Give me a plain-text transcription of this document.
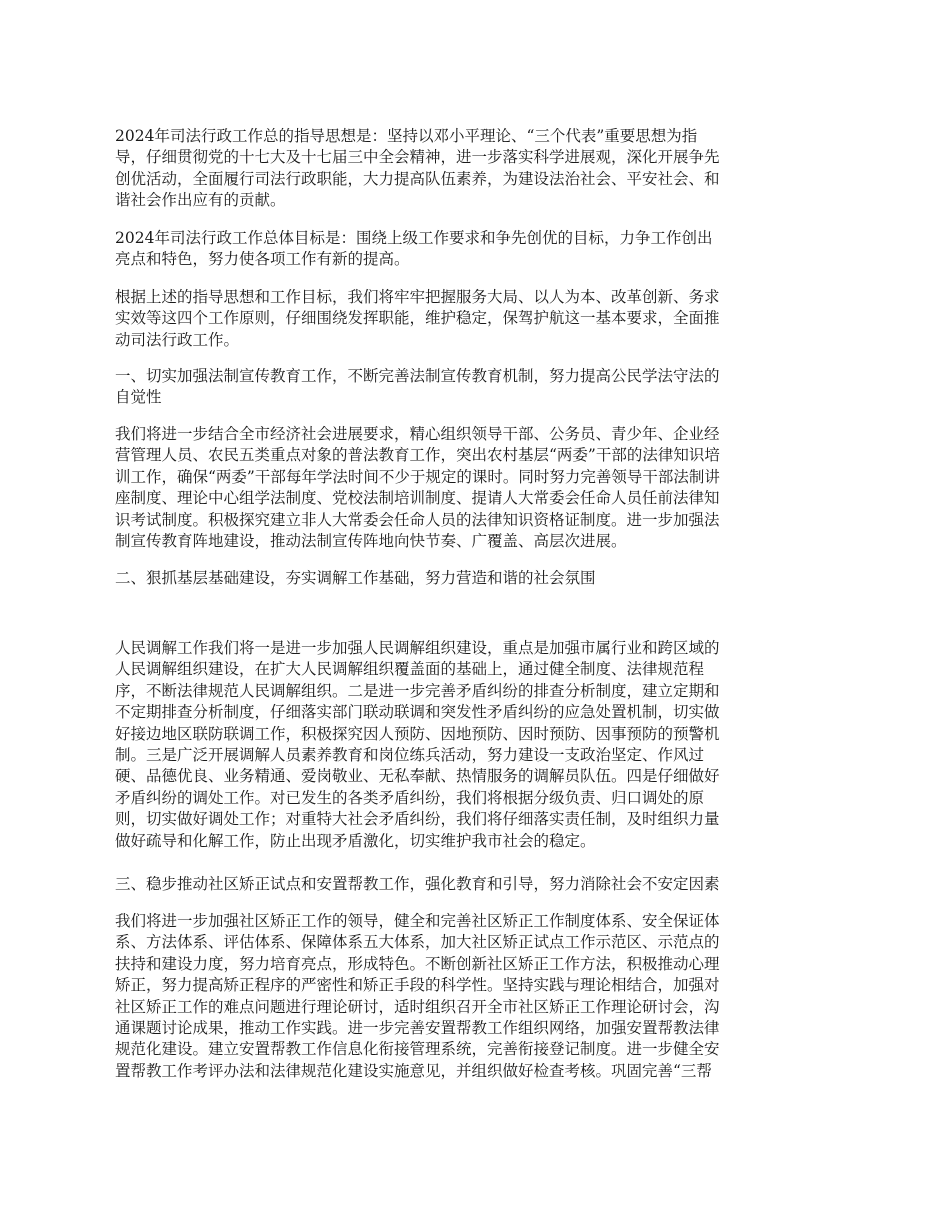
2024年司法行政工作总的指导思想是：坚持以邓小平理论、“三个代表”重要思想为指
导，仔细贯彻党的十七大及十七届三中全会精神，进一步落实科学进展观，深化开展争先
创优活动，全面履行司法行政职能，大力提高队伍素养，为建设法治社会、平安社会、和
谐社会作出应有的贡献。

2024年司法行政工作总体目标是：围绕上级工作要求和争先创优的目标，力争工作创出
亮点和特色，努力使各项工作有新的提高。

根据上述的指导思想和工作目标，我们将牢牢把握服务大局、以人为本、改革创新、务求
实效等这四个工作原则，仔细围绕发挥职能，维护稳定，保驾护航这一基本要求，全面推
动司法行政工作。

一、切实加强法制宣传教育工作，不断完善法制宣传教育机制，努力提高公民学法守法的
自觉性

我们将进一步结合全市经济社会进展要求，精心组织领导干部、公务员、青少年、企业经
营管理人员、农民五类重点对象的普法教育工作，突出农村基层“两委”干部的法律知识培
训工作，确保“两委”干部每年学法时间不少于规定的课时。同时努力完善领导干部法制讲
座制度、理论中心组学法制度、党校法制培训制度、提请人大常委会任命人员任前法律知
识考试制度。积极探究建立非人大常委会任命人员的法律知识资格证制度。进一步加强法
制宣传教育阵地建设，推动法制宣传阵地向快节奏、广覆盖、高层次进展。

二、狠抓基层基础建设，夯实调解工作基础，努力营造和谐的社会氛围

人民调解工作我们将一是进一步加强人民调解组织建设，重点是加强市属行业和跨区域的
人民调解组织建设，在扩大人民调解组织覆盖面的基础上，通过健全制度、法律规范程
序，不断法律规范人民调解组织。二是进一步完善矛盾纠纷的排查分析制度，建立定期和
不定期排查分析制度，仔细落实部门联动联调和突发性矛盾纠纷的应急处置机制，切实做
好接边地区联防联调工作，积极探究因人预防、因地预防、因时预防、因事预防的预警机
制。三是广泛开展调解人员素养教育和岗位练兵活动，努力建设一支政治坚定、作风过
硬、品德优良、业务精通、爱岗敬业、无私奉献、热情服务的调解员队伍。四是仔细做好
矛盾纠纷的调处工作。对已发生的各类矛盾纠纷，我们将根据分级负责、归口调处的原
则，切实做好调处工作；对重特大社会矛盾纠纷，我们将仔细落实责任制，及时组织力量
做好疏导和化解工作，防止出现矛盾激化，切实维护我市社会的稳定。

三、稳步推动社区矫正试点和安置帮教工作，强化教育和引导，努力消除社会不安定因素

我们将进一步加强社区矫正工作的领导，健全和完善社区矫正工作制度体系、安全保证体
系、方法体系、评估体系、保障体系五大体系，加大社区矫正试点工作示范区、示范点的
扶持和建设力度，努力培育亮点，形成特色。不断创新社区矫正工作方法，积极推动心理
矫正，努力提高矫正程序的严密性和矫正手段的科学性。坚持实践与理论相结合，加强对
社区矫正工作的难点问题进行理论研讨，适时组织召开全市社区矫正工作理论研讨会，沟
通课题讨论成果，推动工作实践。进一步完善安置帮教工作组织网络，加强安置帮教法律
规范化建设。建立安置帮教工作信息化衔接管理系统，完善衔接登记制度。进一步健全安
置帮教工作考评办法和法律规范化建设实施意见，并组织做好检查考核。巩固完善“三帮
